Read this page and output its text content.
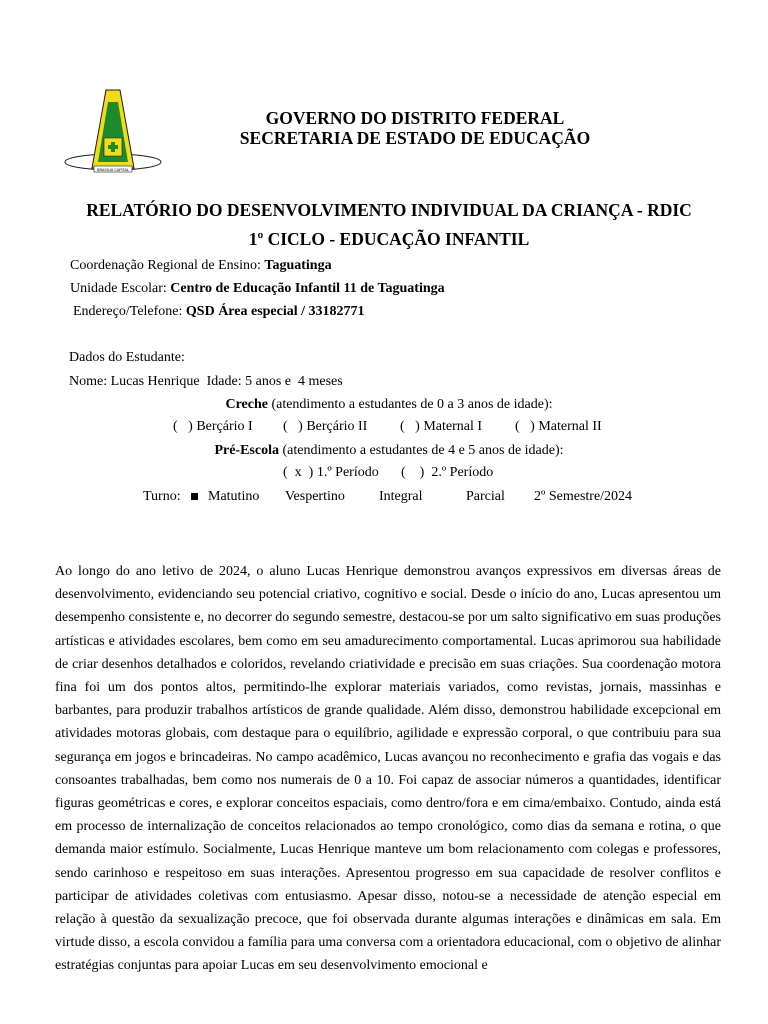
BRASILIA CAPITAL
GOVERNO DO DISTRITO FEDERAL
SECRETARIA DE ESTADO DE EDUCAÇÃO
RELATÓRIO DO DESENVOLVIMENTO INDIVIDUAL DA CRIANÇA - RDIC
1º CICLO - EDUCAÇÃO INFANTIL
Coordenação Regional de Ensino: Taguatinga
Unidade Escolar: Centro de Educação Infantil 11 de Taguatinga
Endereço/Telefone: QSD Área especial / 33182771
Dados do Estudante:
Nome: Lucas Henrique  Idade: 5 anos e  4 meses
Creche (atendimento a estudantes de 0 a 3 anos de idade):
(   ) Berçário I (   ) Berçário II (   ) Maternal I (   ) Maternal II
Pré-Escola (atendimento a estudantes de 4 e 5 anos de idade):
(  x  ) 1.º Período (    )  2.º Período
Turno: Matutino Vespertino Integral	Parcial 2º Semestre/2024
Ao longo do ano letivo de 2024, o aluno Lucas Henrique demonstrou avanços expressivos em diversas áreas de desenvolvimento, evidenciando seu potencial criativo, cognitivo e social. Desde o início do ano, Lucas apresentou um desempenho consistente e, no decorrer do segundo semestre, destacou-se por um salto significativo em suas produções artísticas e atividades escolares, bem como em seu amadurecimento comportamental. Lucas aprimorou sua habilidade de criar desenhos detalhados e coloridos, revelando criatividade e precisão em suas criações. Sua coordenação motora fina foi um dos pontos altos, permitindo-lhe explorar materiais variados, como revistas, jornais, massinhas e barbantes, para produzir trabalhos artísticos de grande qualidade. Além disso, demonstrou habilidade excepcional em atividades motoras globais, com destaque para o equilíbrio, agilidade e expressão corporal, o que contribuiu para sua segurança em jogos e brincadeiras. No campo acadêmico, Lucas avançou no reconhecimento e grafia das vogais e das consoantes trabalhadas, bem como nos numerais de 0 a 10. Foi capaz de associar números a quantidades, identificar figuras geométricas e cores, e explorar conceitos espaciais, como dentro/fora e em cima/embaixo. Contudo, ainda está em processo de internalização de conceitos relacionados ao tempo cronológico, como dias da semana e rotina, o que demanda maior estímulo. Socialmente, Lucas Henrique manteve um bom relacionamento com colegas e professores, sendo carinhoso e respeitoso em suas interações. Apresentou progresso em sua capacidade de resolver conflitos e participar de atividades coletivas com entusiasmo. Apesar disso, notou-se a necessidade de atenção especial em relação à questão da sexualização precoce, que foi observada durante algumas interações e dinâmicas em sala. Em virtude disso, a escola convidou a família para uma conversa com a orientadora educacional, com o objetivo de alinhar estratégias conjuntas para apoiar Lucas em seu desenvolvimento emocional e
